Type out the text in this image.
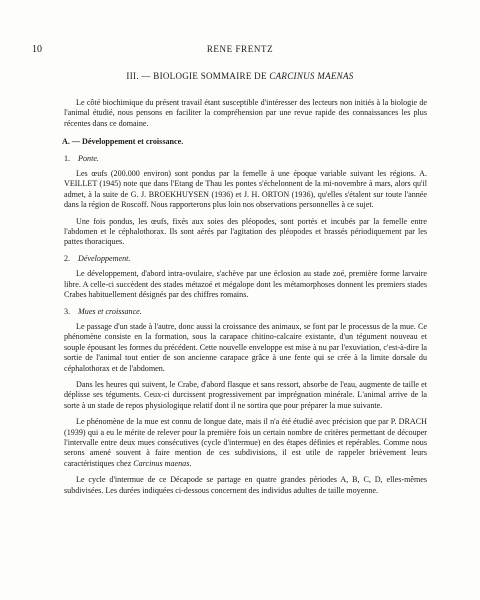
10	RENE FRENTZ
III. — BIOLOGIE SOMMAIRE DE CARCINUS MAENAS

Le côté biochimique du présent travail étant susceptible d'intéresser des lecteurs non initiés à la biologie de l'animal étudié, nous pensons en faciliter la compréhension par une revue rapide des connaissances les plus récentes dans ce domaine.

A. — Développement et croissance.

1. Ponte.

Les œufs (200.000 environ) sont pondus par la femelle à une époque variable suivant les régions. A. VEILLET (1945) note que dans l'Etang de Thau les pontes s'échelonnent de la mi-novembre à mars, alors qu'il admet, à la suite de G. J. BROEKHUYSEN (1936) et J. H. ORTON (1936), qu'elles s'étalent sur toute l'année dans la région de Roscoff. Nous rapporterons plus loin nos observations personnelles à ce sujet.

Une fois pondus, les œufs, fixés aux soies des pléopodes, sont portés et incubés par la femelle entre l'abdomen et le céphalothorax. Ils sont aérés par l'agitation des pléopodes et brassés périodiquement par les pattes thoraciques.

2. Développement.

Le développement, d'abord intra-ovulaire, s'achève par une éclosion au stade zoé, première forme larvaire libre. A celle-ci succèdent des stades métazoé et mégalope dont les métamorphoses donnent les premiers stades Crabes habituellement désignés par des chiffres romains.

3. Mues et croissance.

Le passage d'un stade à l'autre, donc aussi la croissance des animaux, se font par le processus de la mue. Ce phénomène consiste en la formation, sous la carapace chitino-calcaire existante, d'un tégument nouveau et souple épousant les formes du précédent. Cette nouvelle enveloppe est mise à nu par l'exuviation, c'est-à-dire la sortie de l'animal tout entier de son ancienne carapace grâce à une fente qui se crée à la limite dorsale du céphalothorax et de l'abdomen.

Dans les heures qui suivent, le Crabe, d'abord flasque et sans ressort, absorbe de l'eau, augmente de taille et déplisse ses téguments. Ceux-ci durcissent progressivement par imprégnation minérale. L'animal arrive de la sorte à un stade de repos physiologique relatif dont il ne sortira que pour préparer la mue suivante.

Le phénomène de la mue est connu de longue date, mais il n'a été étudié avec précision que par P. DRACH (1939) qui a eu le mérite de relever pour la première fois un certain nombre de critères permettant de découper l'intervalle entre deux mues consécutives (cycle d'intermue) en des étapes définies et repérables. Comme nous serons amené souvent à faire mention de ces subdivisions, il est utile de rappeler brièvement leurs caractéristiques chez Carcinus maenas.

Le cycle d'intermue de ce Décapode se partage en quatre grandes périodes A, B, C, D, elles-mêmes subdivisées. Les durées indiquées ci-dessous concernent des individus adultes de taille moyenne.
